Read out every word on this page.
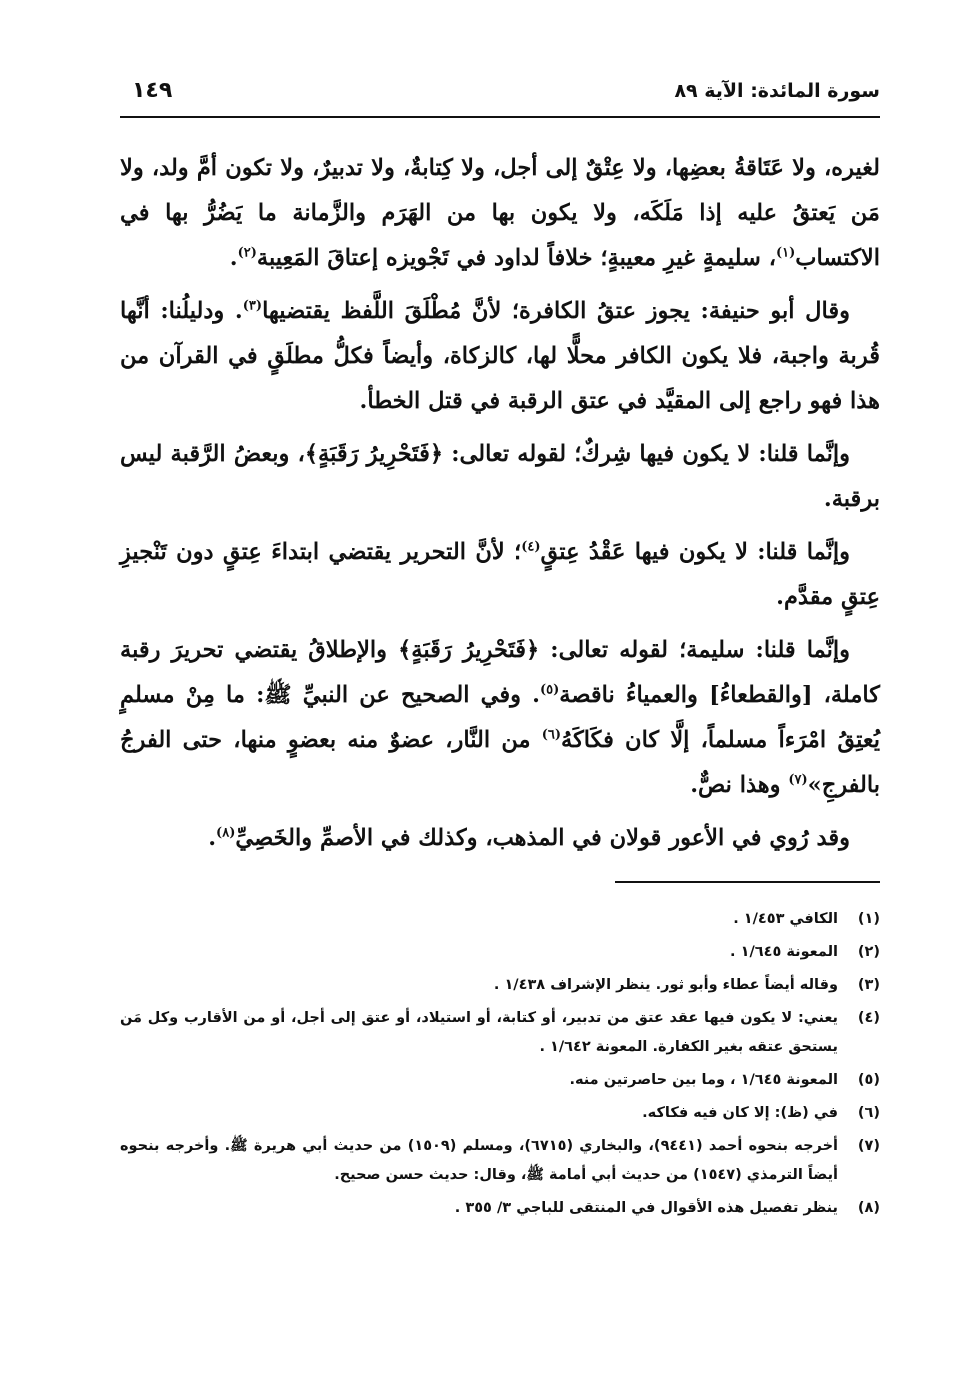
سورة المائدة: الآية ٨٩
١٤٩

لغيره، ولا عَتَاقةُ بعضِها، ولا عِتْقٌ إلى أجل، ولا كِتابةٌ، ولا تدبيرٌ، ولا تكون أمَّ ولد، ولا مَن يَعتقُ عليه إذا مَلَكَه، ولا يكون بها من الهَرَم والزَّمانة ما يَضُرُّ بها في الاكتساب$^{(١)}$، سليمةٍ غيرِ معيبةٍ؛ خلافاً لداود في تَجْويزه إعتاقَ المَعِيبة$^{(٢)}$.

وقال أبو حنيفة: يجوز عتقُ الكافرة؛ لأنَّ مُطْلَقَ اللَّفظ يقتضيها$^{(٣)}$. ودليلُنا: أنَّها قُربة واجبة، فلا يكون الكافر محلًّا لها، كالزكاة، وأيضاً فكلُّ مطلَقٍ في القرآن من هذا فهو راجع إلى المقيَّد في عتق الرقبة في قتل الخطأ.

وإنَّما قلنا: لا يكون فيها شِركٌ؛ لقوله تعالى: ﴿فَتَحْرِيرُ رَقَبَةٍ﴾، وبعضُ الرَّقبة ليس برقبة.

وإنَّما قلنا: لا يكون فيها عَقْدُ عِتقٍ$^{(٤)}$؛ لأنَّ التحرير يقتضي ابتداءَ عِتقٍ دون تَنْجيزِ عِتقٍ مقدَّم.

وإنَّما قلنا: سليمة؛ لقوله تعالى: ﴿فَتَحْرِيرُ رَقَبَةٍ﴾ والإطلاقُ يقتضي تحريرَ رقبة كاملة، [والقطعاءُ] والعمياءُ ناقصة$^{(٥)}$. وفي الصحيح عن النبيِّ ﷺ: ما مِنْ مسلمٍ يُعتِقُ امْرَءاً مسلماً، إلَّا كان فكَاكَهُ$^{(٦)}$ من النَّار، عضوٌ منه بعضوٍ منها، حتى الفرجُ بالفرجِ»$^{(٧)}$ وهذا نصٌّ.

وقد رُوي في الأعور قولان في المذهب، وكذلك في الأصمِّ والخَصِيِّ$^{(٨)}$.

(١)
الكافي ١/٤٥٣ .
(٢)
المعونة ١/٦٤٥ .
(٣)
وقاله أيضاً عطاء وأبو ثور. ينظر الإشراف ١/٤٣٨ .
(٤)
يعني: لا يكون فيها عقد عتق من تدبير، أو كتابة، أو استيلاد، أو عتق إلى أجل، أو من الأقارب وكل مَن يستحق عتقه بغير الكفارة. المعونة ١/٦٤٢ .
(٥)
المعونة ١/٦٤٥ ، وما بين حاصرتين منه.
(٦)
في (ظ): إلا كان فيه فكاكه.
(٧)
أخرجه بنحوه أحمد (٩٤٤١)، والبخاري (٦٧١٥)، ومسلم (١٥٠٩) من حديث أبي هريرة ﷺ. وأخرجه بنحوه أيضاً الترمذي (١٥٤٧) من حديث أبي أمامة ﷺ، وقال: حديث حسن صحيح.
(٨)
ينظر تفصيل هذه الأقوال في المنتقى للباجي ٣/ ٣٥٥ .
